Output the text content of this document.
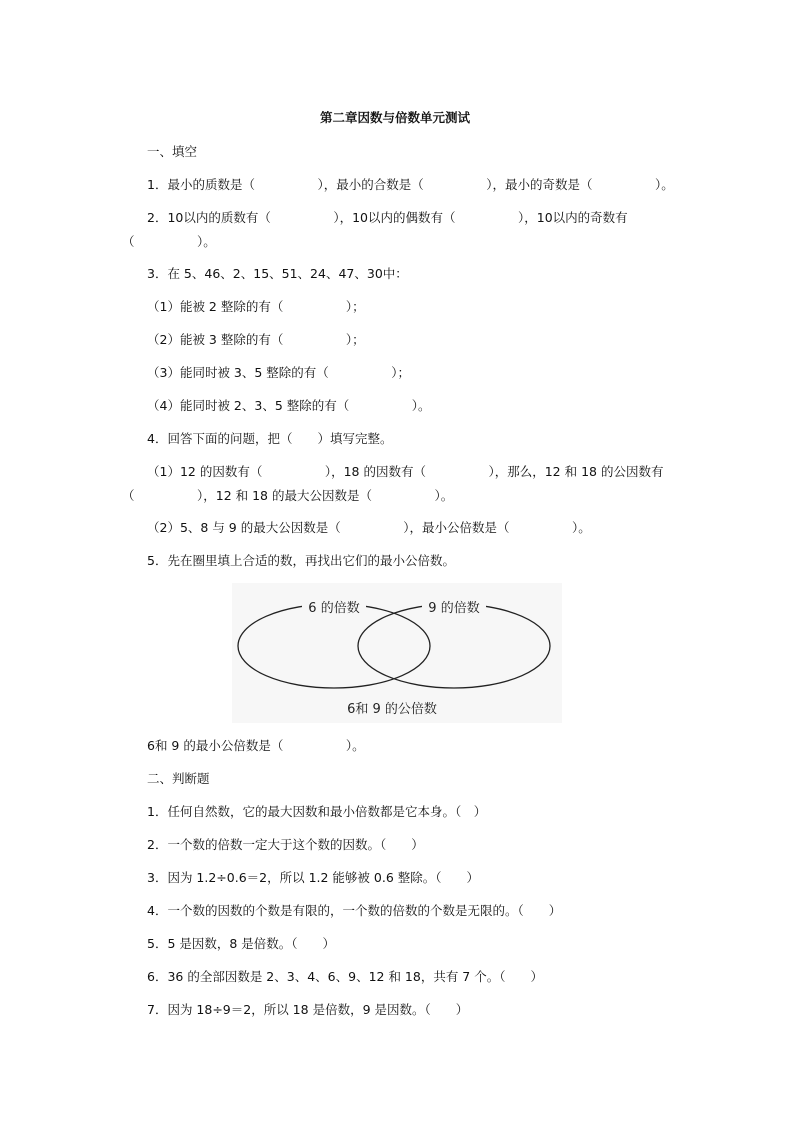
第二章因数与倍数单元测试
一、填空
1．最小的质数是（　　　　　），最小的合数是（　　　　　），最小的奇数是（　　　　　）。
2．10以内的质数有（　　　　　），10以内的偶数有（　　　　　），10以内的奇数有
（　　　　　）。
3．在 5、46、2、15、51、24、47、30中：
（1）能被 2 整除的有（　　　　　）；
（2）能被 3 整除的有（　　　　　）；
（3）能同时被 3、5 整除的有（　　　　　）；
（4）能同时被 2、3、5 整除的有（　　　　　）。
4．回答下面的问题，把（　　）填写完整。
（1）12 的因数有（　　　　　），18 的因数有（　　　　　），那么，12 和 18 的公因数有
（　　　　　），12 和 18 的最大公因数是（　　　　　）。
（2）5、8 与 9 的最大公因数是（　　　　　），最小公倍数是（　　　　　）。
5．先在圈里填上合适的数，再找出它们的最小公倍数。
6 的倍数	9 的倍数
6和 9 的公倍数
6和 9 的最小公倍数是（　　　　　）。
二、判断题
1．任何自然数，它的最大因数和最小倍数都是它本身。（　）
2．一个数的倍数一定大于这个数的因数。（　　）
3．因为 1.2÷0.6＝2，所以 1.2 能够被 0.6 整除。（　　）
4．一个数的因数的个数是有限的，一个数的倍数的个数是无限的。（　　）
5．5 是因数，8 是倍数。（　　）
6．36 的全部因数是 2、3、4、6、9、12 和 18，共有 7 个。（　　）
7．因为 18÷9＝2，所以 18 是倍数，9 是因数。（　　）
